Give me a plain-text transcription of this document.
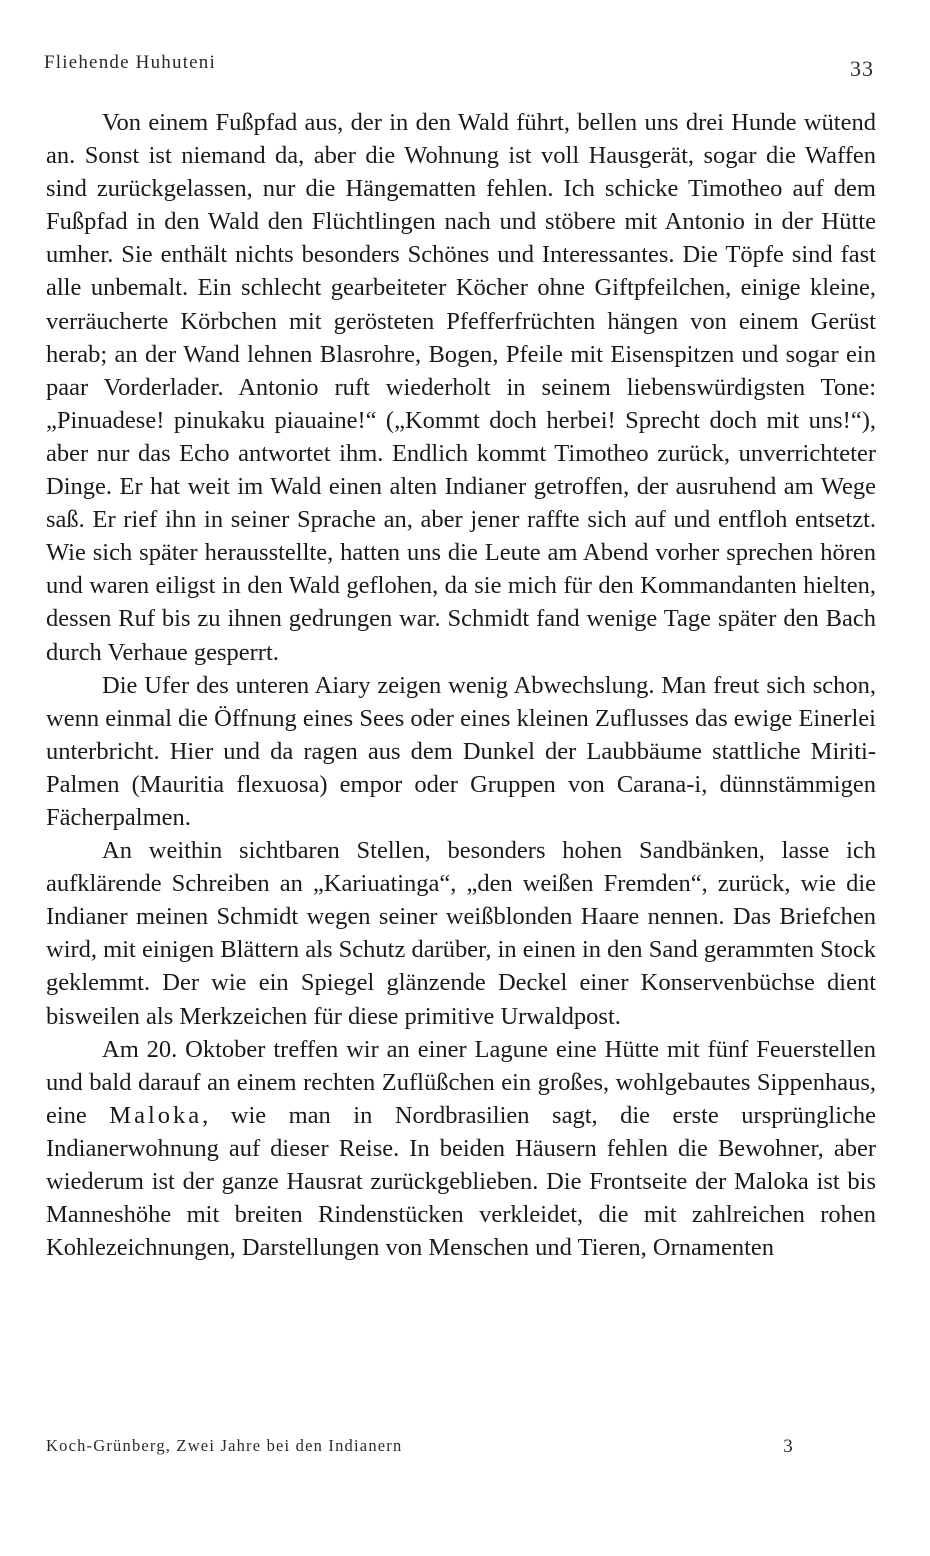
Fliehende Huhuteni	33

Von einem Fußpfad aus, der in den Wald führt, bellen uns drei Hunde wütend an. Sonst ist niemand da, aber die Wohnung ist voll Hausgerät, sogar die Waffen sind zurückgelassen, nur die Hängematten fehlen. Ich schicke Timotheo auf dem Fußpfad in den Wald den Flüchtlingen nach und stöbere mit Antonio in der Hütte umher. Sie enthält nichts besonders Schönes und Interessantes. Die Töpfe sind fast alle unbemalt. Ein schlecht gearbeiteter Köcher ohne Giftpfeilchen, einige kleine, verräucherte Körbchen mit gerösteten Pfefferfrüchten hängen von einem Gerüst herab; an der Wand lehnen Blasrohre, Bogen, Pfeile mit Eisenspitzen und sogar ein paar Vorderlader. Antonio ruft wiederholt in seinem liebenswürdigsten Tone: „Pinuadese! pinukaku piauaine!“ („Kommt doch herbei! Sprecht doch mit uns!“), aber nur das Echo antwortet ihm. Endlich kommt Timotheo zurück, unverrichteter Dinge. Er hat weit im Wald einen alten Indianer getroffen, der ausruhend am Wege saß. Er rief ihn in seiner Sprache an, aber jener raffte sich auf und entfloh entsetzt. Wie sich später herausstellte, hatten uns die Leute am Abend vorher sprechen hören und waren eiligst in den Wald geflohen, da sie mich für den Kommandanten hielten, dessen Ruf bis zu ihnen gedrungen war. Schmidt fand wenige Tage später den Bach durch Verhaue gesperrt.

Die Ufer des unteren Aiary zeigen wenig Abwechslung. Man freut sich schon, wenn einmal die Öffnung eines Sees oder eines kleinen Zuflusses das ewige Einerlei unterbricht. Hier und da ragen aus dem Dunkel der Laubbäume stattliche Miriti-Palmen (Mauritia flexuosa) empor oder Gruppen von Carana-i, dünnstämmigen Fächerpalmen.

An weithin sichtbaren Stellen, besonders hohen Sandbänken, lasse ich aufklärende Schreiben an „Kariuatinga“, „den weißen Fremden“, zurück, wie die Indianer meinen Schmidt wegen seiner weißblonden Haare nennen. Das Briefchen wird, mit einigen Blättern als Schutz darüber, in einen in den Sand gerammten Stock geklemmt. Der wie ein Spiegel glänzende Deckel einer Konservenbüchse dient bisweilen als Merkzeichen für diese primitive Urwaldpost.

Am 20. Oktober treffen wir an einer Lagune eine Hütte mit fünf Feuerstellen und bald darauf an einem rechten Zuflüßchen ein großes, wohlgebautes Sippenhaus, eine Maloka, wie man in Nordbrasilien sagt, die erste ursprüngliche Indianerwohnung auf dieser Reise. In beiden Häusern fehlen die Bewohner, aber wiederum ist der ganze Hausrat zurückgeblieben. Die Frontseite der Maloka ist bis Manneshöhe mit breiten Rindenstücken verkleidet, die mit zahlreichen rohen Kohlezeichnungen, Darstellungen von Menschen und Tieren, Ornamenten

Koch-Grünberg, Zwei Jahre bei den Indianern	3
